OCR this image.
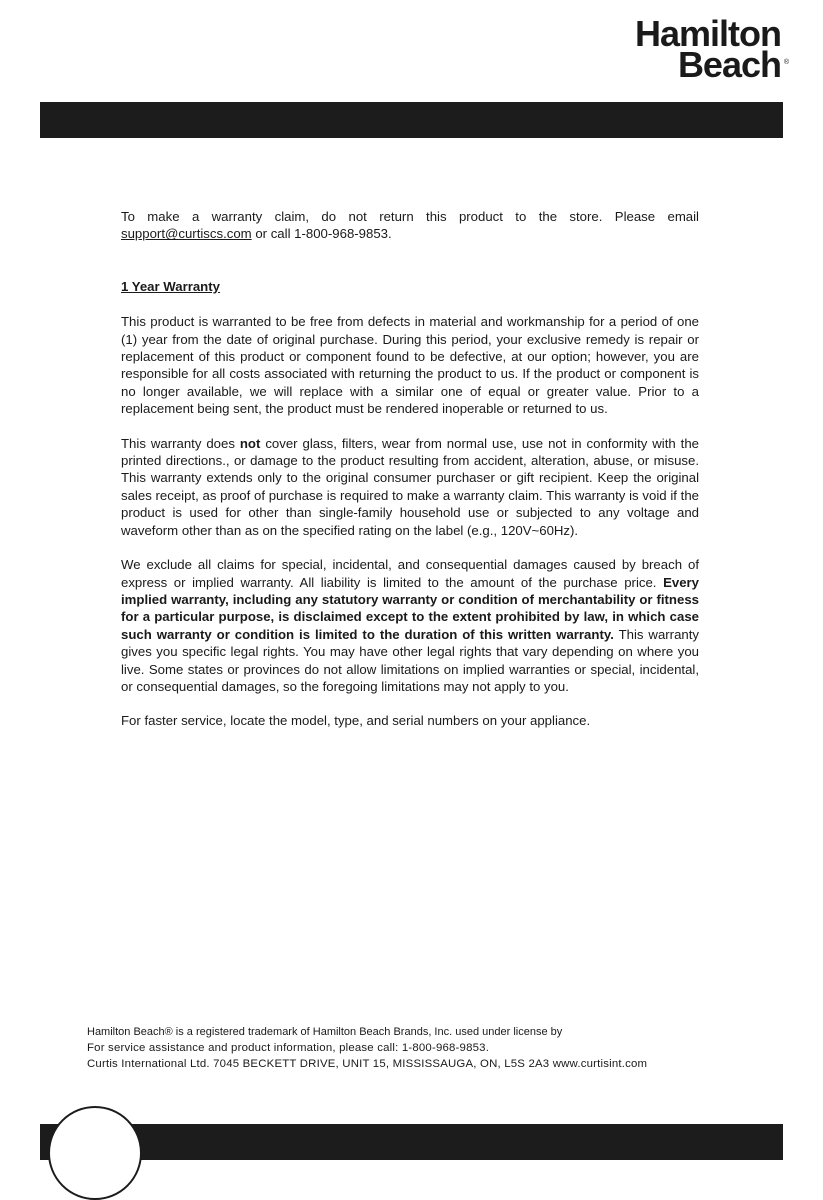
Hamilton
Beach ®

To make a warranty claim, do not return this product to the store. Please email support@curtiscs.com or call 1-800-968-9853.

1 Year Warranty

This product is warranted to be free from defects in material and workmanship for a period of one (1) year from the date of original purchase. During this period, your exclusive remedy is repair or replacement of this product or component found to be defective, at our option; however, you are responsible for all costs associated with returning the product to us. If the product or component is no longer available, we will replace with a similar one of equal or greater value. Prior to a replacement being sent, the product must be rendered inoperable or returned to us.

This warranty does not cover glass, filters, wear from normal use, use not in conformity with the printed directions., or damage to the product resulting from accident, alteration, abuse, or misuse. This warranty extends only to the original consumer purchaser or gift recipient. Keep the original sales receipt, as proof of purchase is required to make a warranty claim. This warranty is void if the product is used for other than single-family household use or subjected to any voltage and waveform other than as on the specified rating on the label (e.g., 120V~60Hz).

We exclude all claims for special, incidental, and consequential damages caused by breach of express or implied warranty. All liability is limited to the amount of the purchase price. Every implied warranty, including any statutory warranty or condition of merchantability or fitness for a particular purpose, is disclaimed except to the extent prohibited by law, in which case such warranty or condition is limited to the duration of this written warranty. This warranty gives you specific legal rights. You may have other legal rights that vary depending on where you live. Some states or provinces do not allow limitations on implied warranties or special, incidental, or consequential damages, so the foregoing limitations may not apply to you.

For faster service, locate the model, type, and serial numbers on your appliance.

Hamilton Beach® is a registered trademark of Hamilton Beach Brands, Inc. used under license by
For service assistance and product information, please call: 1-800-968-9853.
Curtis International Ltd. 7045 BECKETT DRIVE, UNIT 15, MISSISSAUGA, ON, L5S 2A3 www.curtisint.com
